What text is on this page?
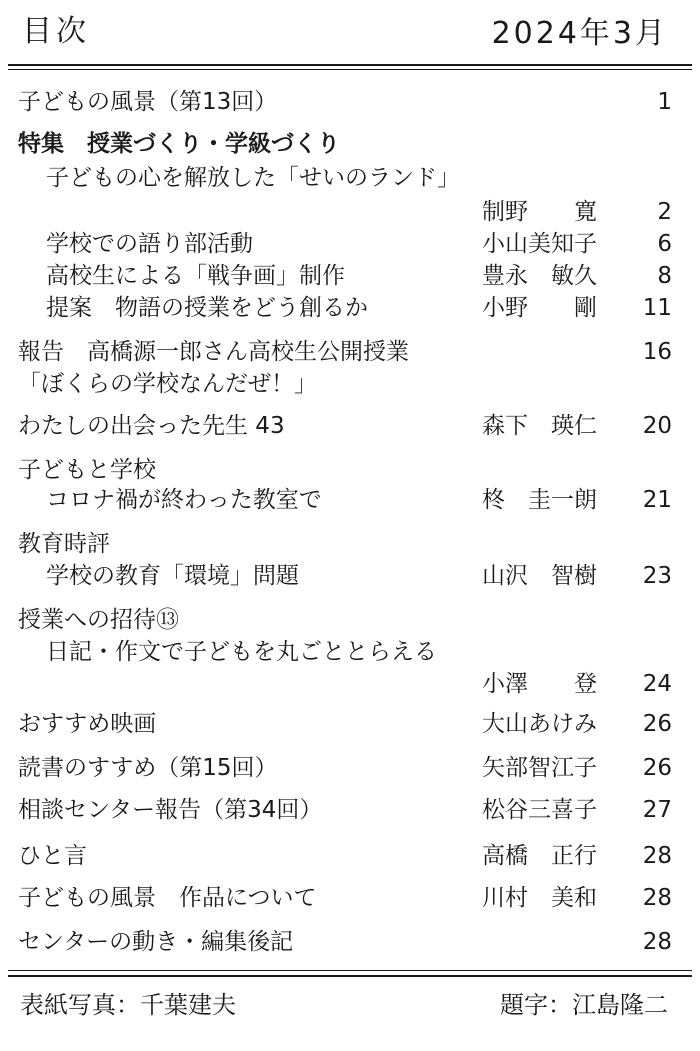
目次	2024年3月
子どもの風景（第13回）	1
特集　授業づくり・学級づくり
子どもの心を解放した「せいのランド」
制野　　寛	2
学校での語り部活動	小山美知子	6
高校生による「戦争画」制作	豊永　敏久	8
提案　物語の授業をどう創るか	小野　　剛 11
報告　高橋源一郎さん高校生公開授業	16
「ぼくらの学校なんだぜ！」
わたしの出会った先生 43	森下　瑛仁 20
子どもと学校
コロナ禍が終わった教室で	柊　圭一朗 21
教育時評
学校の教育「環境」問題	山沢　智樹 23
授業への招待⑬
日記・作文で子どもを丸ごととらえる
小澤　　登 24
おすすめ映画	大山あけみ 26
読書のすすめ（第15回）	矢部智江子 26
相談センター報告（第34回）	松谷三喜子 27
ひと言	高橋　正行 28
子どもの風景　作品について	川村　美和 28
センターの動き・編集後記	28
表紙写真：千葉建夫	題字：江島隆二
